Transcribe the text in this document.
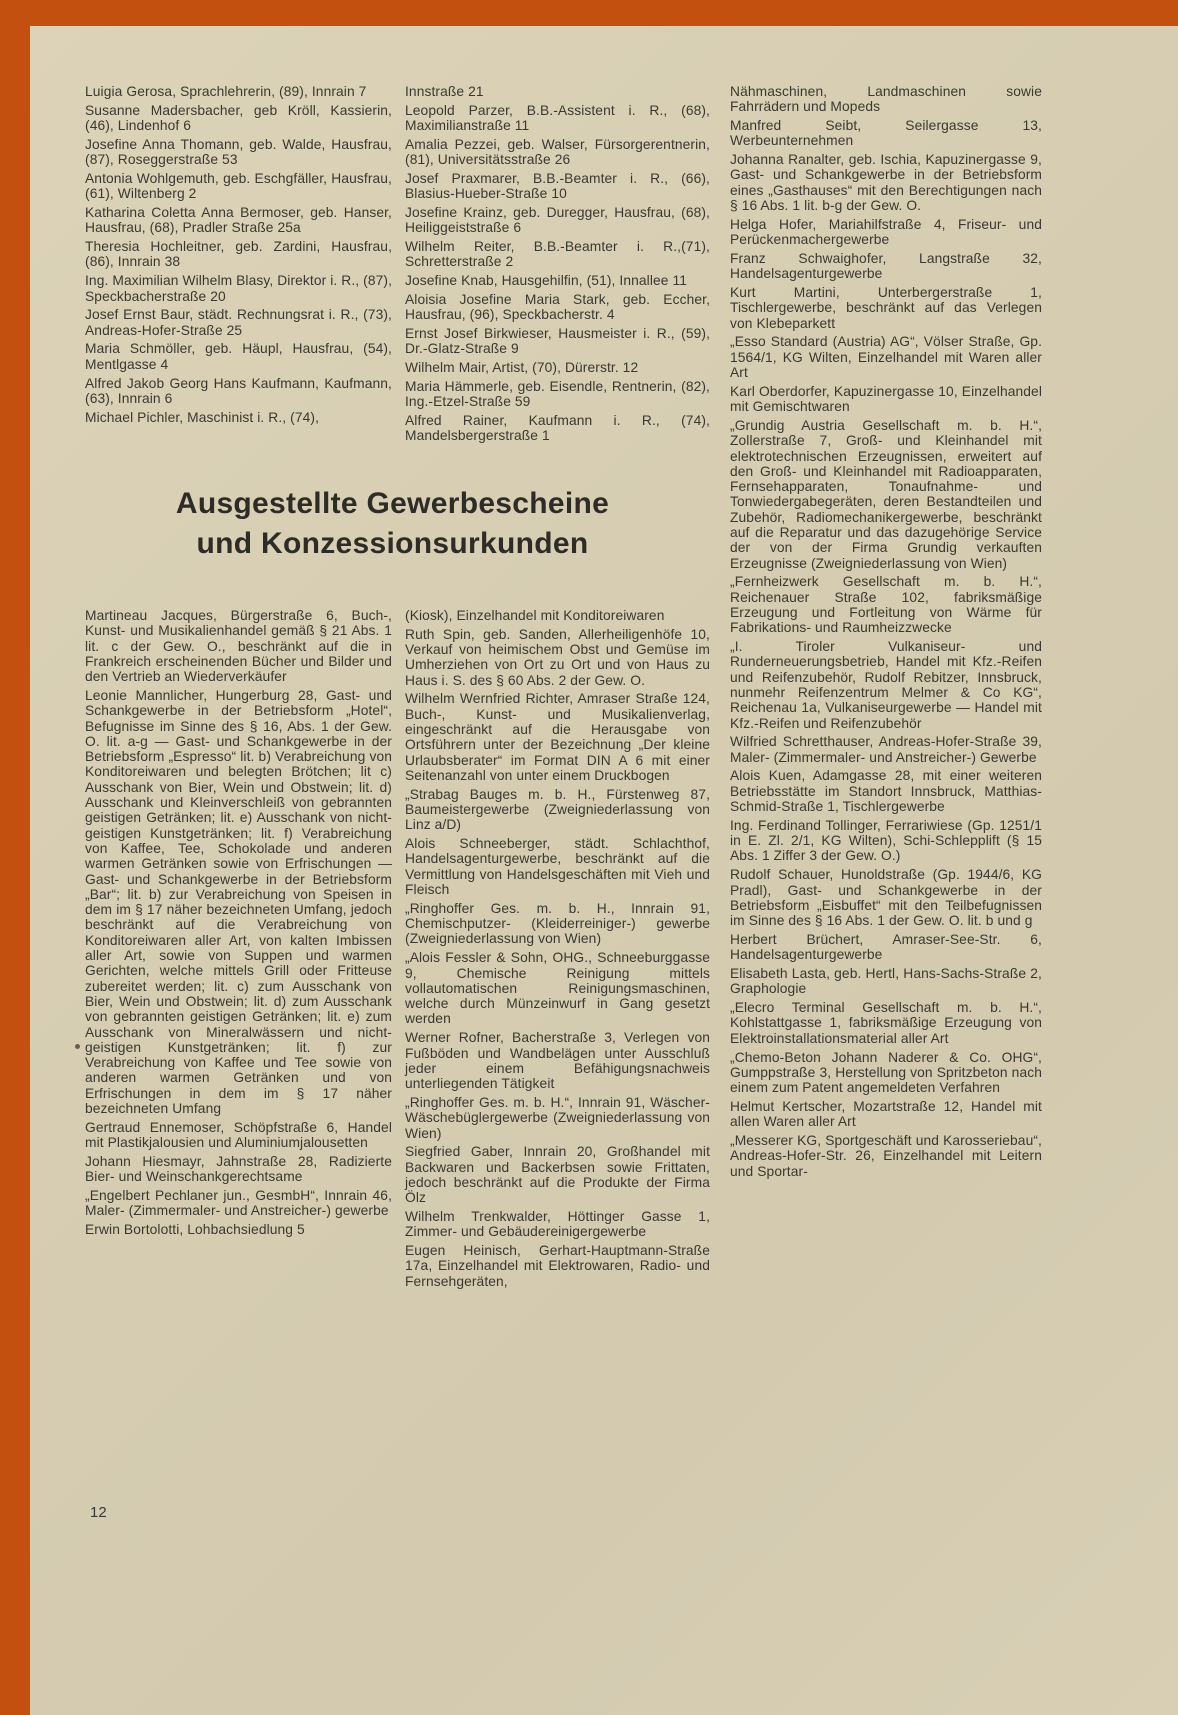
Luigia Gerosa, Sprachlehrerin, (89), Innrain 7

Susanne Madersbacher, geb Kröll, Kassierin, (46), Lindenhof 6

Josefine Anna Thomann, geb. Walde, Hausfrau, (87), Roseggerstraße 53

Antonia Wohlgemuth, geb. Eschgfäller, Hausfrau, (61), Wiltenberg 2

Katharina Coletta Anna Bermoser, geb. Hanser, Hausfrau, (68), Pradler Straße 25a

Theresia Hochleitner, geb. Zardini, Hausfrau, (86), Innrain 38

Ing. Maximilian Wilhelm Blasy, Direktor i. R., (87), Speckbacherstraße 20

Josef Ernst Baur, städt. Rechnungsrat i. R., (73), Andreas-Hofer-Straße 25

Maria Schmöller, geb. Häupl, Hausfrau, (54), Mentlgasse 4

Alfred Jakob Georg Hans Kaufmann, Kaufmann, (63), Innrain 6

Michael Pichler, Maschinist i. R., (74),

Innstraße 21

Leopold Parzer, B.B.-Assistent i. R., (68), Maximilianstraße 11

Amalia Pezzei, geb. Walser, Fürsorgerentnerin, (81), Universitätsstraße 26

Josef Praxmarer, B.B.-Beamter i. R., (66), Blasius-Hueber-Straße 10

Josefine Krainz, geb. Duregger, Hausfrau, (68), Heiliggeiststraße 6

Wilhelm Reiter, B.B.-Beamter i. R.,(71), Schretterstraße 2

Josefine Knab, Hausgehilfin, (51), Innallee 11

Aloisia Josefine Maria Stark, geb. Eccher, Hausfrau, (96), Speckbacherstr. 4

Ernst Josef Birkwieser, Hausmeister i. R., (59), Dr.-Glatz-Straße 9

Wilhelm Mair, Artist, (70), Dürerstr. 12

Maria Hämmerle, geb. Eisendle, Rentnerin, (82), Ing.-Etzel-Straße 59

Alfred Rainer, Kaufmann i. R., (74), Mandelsbergerstraße 1

Nähmaschinen, Landmaschinen sowie Fahrrädern und Mopeds

Manfred Seibt, Seilergasse 13, Werbeunternehmen

Johanna Ranalter, geb. Ischia, Kapuzinergasse 9, Gast- und Schankgewerbe in der Betriebsform eines „Gasthauses“ mit den Berechtigungen nach § 16 Abs. 1 lit. b-g der Gew. O.

Helga Hofer, Mariahilfstraße 4, Friseur- und Perückenmachergewerbe

Franz Schwaighofer, Langstraße 32, Handelsagenturgewerbe

Kurt Martini, Unterbergerstraße 1, Tischlergewerbe, beschränkt auf das Verlegen von Klebeparkett

„Esso Standard (Austria) AG“, Völser Straße, Gp. 1564/1, KG Wilten, Einzelhandel mit Waren aller Art

Karl Oberdorfer, Kapuzinergasse 10, Einzelhandel mit Gemischtwaren

„Grundig Austria Gesellschaft m. b. H.“, Zollerstraße 7, Groß- und Kleinhandel mit elektrotechnischen Erzeugnissen, erweitert auf den Groß- und Kleinhandel mit Radioapparaten, Fernsehapparaten, Tonaufnahme- und Tonwiedergabegeräten, deren Bestandteilen und Zubehör, Radiomechanikergewerbe, beschränkt auf die Reparatur und das dazugehörige Service der von der Firma Grundig verkauften Erzeugnisse (Zweigniederlassung von Wien)

„Fernheizwerk Gesellschaft m. b. H.“, Reichenauer Straße 102, fabriksmäßige Erzeugung und Fortleitung von Wärme für Fabrikations- und Raumheizzwecke

„I. Tiroler Vulkaniseur- und Runderneuerungsbetrieb, Handel mit Kfz.-Reifen und Reifenzubehör, Rudolf Rebitzer, Innsbruck, nunmehr Reifenzentrum Melmer & Co KG“, Reichenau 1a, Vulkaniseurgewerbe — Handel mit Kfz.-Reifen und Reifenzubehör

Wilfried Schretthauser, Andreas-Hofer-Straße 39, Maler- (Zimmermaler- und Anstreicher-) Gewerbe

Alois Kuen, Adamgasse 28, mit einer weiteren Betriebsstätte im Standort Innsbruck, Matthias-Schmid-Straße 1, Tischlergewerbe

Ing. Ferdinand Tollinger, Ferrariwiese (Gp. 1251/1 in E. Zl. 2/1, KG Wilten), Schi-Schlepplift (§ 15 Abs. 1 Ziffer 3 der Gew. O.)

Rudolf Schauer, Hunoldstraße (Gp. 1944/6, KG Pradl), Gast- und Schankgewerbe in der Betriebsform „Eisbuffet“ mit den Teilbefugnissen im Sinne des § 16 Abs. 1 der Gew. O. lit. b und g

Herbert Brüchert, Amraser-See-Str. 6, Handelsagenturgewerbe

Elisabeth Lasta, geb. Hertl, Hans-Sachs-Straße 2, Graphologie

„Elecro Terminal Gesellschaft m. b. H.“, Kohlstattgasse 1, fabriksmäßige Erzeugung von Elektroinstallationsmaterial aller Art

„Chemo-Beton Johann Naderer & Co. OHG“, Gumppstraße 3, Herstellung von Spritzbeton nach einem zum Patent angemeldeten Verfahren

Helmut Kertscher, Mozartstraße 12, Handel mit allen Waren aller Art

„Messerer KG, Sportgeschäft und Karosseriebau“, Andreas-Hofer-Str. 26, Einzelhandel mit Leitern und Sportar-

Ausgestellte Gewerbescheine
und Konzessionsurkunden

Martineau Jacques, Bürgerstraße 6, Buch-, Kunst- und Musikalienhandel gemäß § 21 Abs. 1 lit. c der Gew. O., beschränkt auf die in Frankreich erscheinenden Bücher und Bilder und den Vertrieb an Wiederverkäufer

Leonie Mannlicher, Hungerburg 28, Gast- und Schankgewerbe in der Betriebsform „Hotel“, Befugnisse im Sinne des § 16, Abs. 1 der Gew. O. lit. a-g — Gast- und Schankgewerbe in der Betriebsform „Espresso“ lit. b) Verabreichung von Konditoreiwaren und belegten Brötchen; lit c) Ausschank von Bier, Wein und Obstwein; lit. d) Ausschank und Kleinverschleiß von gebrannten geistigen Getränken; lit. e) Ausschank von nicht-geistigen Kunstgetränken; lit. f) Verabreichung von Kaffee, Tee, Schokolade und anderen warmen Getränken sowie von Erfrischungen — Gast- und Schankgewerbe in der Betriebsform „Bar“; lit. b) zur Verabreichung von Speisen in dem im § 17 näher bezeichneten Umfang, jedoch beschränkt auf die Verabreichung von Konditoreiwaren aller Art, von kalten Imbissen aller Art, sowie von Suppen und warmen Gerichten, welche mittels Grill oder Fritteuse zubereitet werden; lit. c) zum Ausschank von Bier, Wein und Obstwein; lit. d) zum Ausschank von gebrannten geistigen Getränken; lit. e) zum Ausschank von Mineralwässern und nicht-geistigen Kunstgetränken; lit. f) zur Verabreichung von Kaffee und Tee sowie von anderen warmen Getränken und von Erfrischungen in dem im § 17 näher bezeichneten Umfang

Gertraud Ennemoser, Schöpfstraße 6, Handel mit Plastikjalousien und Aluminiumjalousetten

Johann Hiesmayr, Jahnstraße 28, Radizierte Bier- und Weinschankgerechtsame

„Engelbert Pechlaner jun., GesmbH“, Innrain 46, Maler- (Zimmermaler- und Anstreicher-) gewerbe

Erwin Bortolotti, Lohbachsiedlung 5

(Kiosk), Einzelhandel mit Konditoreiwaren

Ruth Spin, geb. Sanden, Allerheiligenhöfe 10, Verkauf von heimischem Obst und Gemüse im Umherziehen von Ort zu Ort und von Haus zu Haus i. S. des § 60 Abs. 2 der Gew. O.

Wilhelm Wernfried Richter, Amraser Straße 124, Buch-, Kunst- und Musikalienverlag, eingeschränkt auf die Herausgabe von Ortsführern unter der Bezeichnung „Der kleine Urlaubsberater“ im Format DIN A 6 mit einer Seitenanzahl von unter einem Druckbogen

„Strabag Bauges m. b. H., Fürstenweg 87, Baumeistergewerbe (Zweigniederlassung von Linz a/D)

Alois Schneeberger, städt. Schlachthof, Handelsagenturgewerbe, beschränkt auf die Vermittlung von Handelsgeschäften mit Vieh und Fleisch

„Ringhoffer Ges. m. b. H., Innrain 91, Chemischputzer- (Kleiderreiniger-) gewerbe (Zweigniederlassung von Wien)

„Alois Fessler & Sohn, OHG., Schneeburggasse 9, Chemische Reinigung mittels vollautomatischen Reinigungsmaschinen, welche durch Münzeinwurf in Gang gesetzt werden

Werner Rofner, Bacherstraße 3, Verlegen von Fußböden und Wandbelägen unter Ausschluß jeder einem Befähigungsnachweis unterliegenden Tätigkeit

„Ringhoffer Ges. m. b. H.“, Innrain 91, Wäscher- Wäschebüglergewerbe (Zweigniederlassung von Wien)

Siegfried Gaber, Innrain 20, Großhandel mit Backwaren und Backerbsen sowie Frittaten, jedoch beschränkt auf die Produkte der Firma Ölz

Wilhelm Trenkwalder, Höttinger Gasse 1, Zimmer- und Gebäudereinigergewerbe

Eugen Heinisch, Gerhart-Hauptmann-Straße 17a, Einzelhandel mit Elektrowaren, Radio- und Fernsehgeräten,

12
